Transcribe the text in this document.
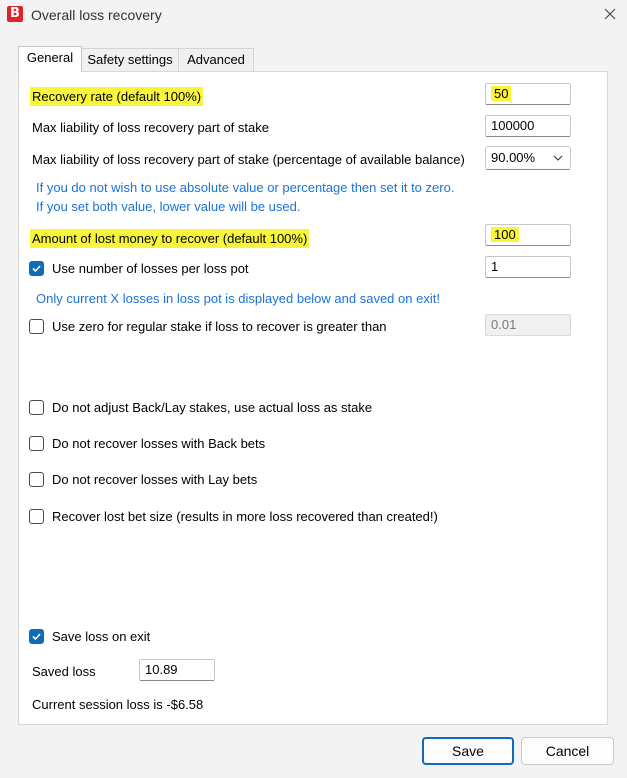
B Overall loss recovery
General	Safety settings	Advanced
Recovery rate (default 100%)	50
Max liability of loss recovery part of stake	100000
Max liability of loss recovery part of stake (percentage of available balance)	90.00%
If you do not wish to use absolute value or percentage then set it to zero.
If you set both value, lower value will be used.
Amount of lost money to recover (default 100%)	100
Use number of losses per loss pot	1
Only current X losses in loss pot is displayed below and saved on exit!
Use zero for regular stake if loss to recover is greater than	0.01
Do not adjust Back/Lay stakes, use actual loss as stake
Do not recover losses with Back bets
Do not recover losses with Lay bets
Recover lost bet size (results in more loss recovered than created!)
Save loss on exit
Saved loss	10.89
Current session loss is -$6.58
Save	Cancel
